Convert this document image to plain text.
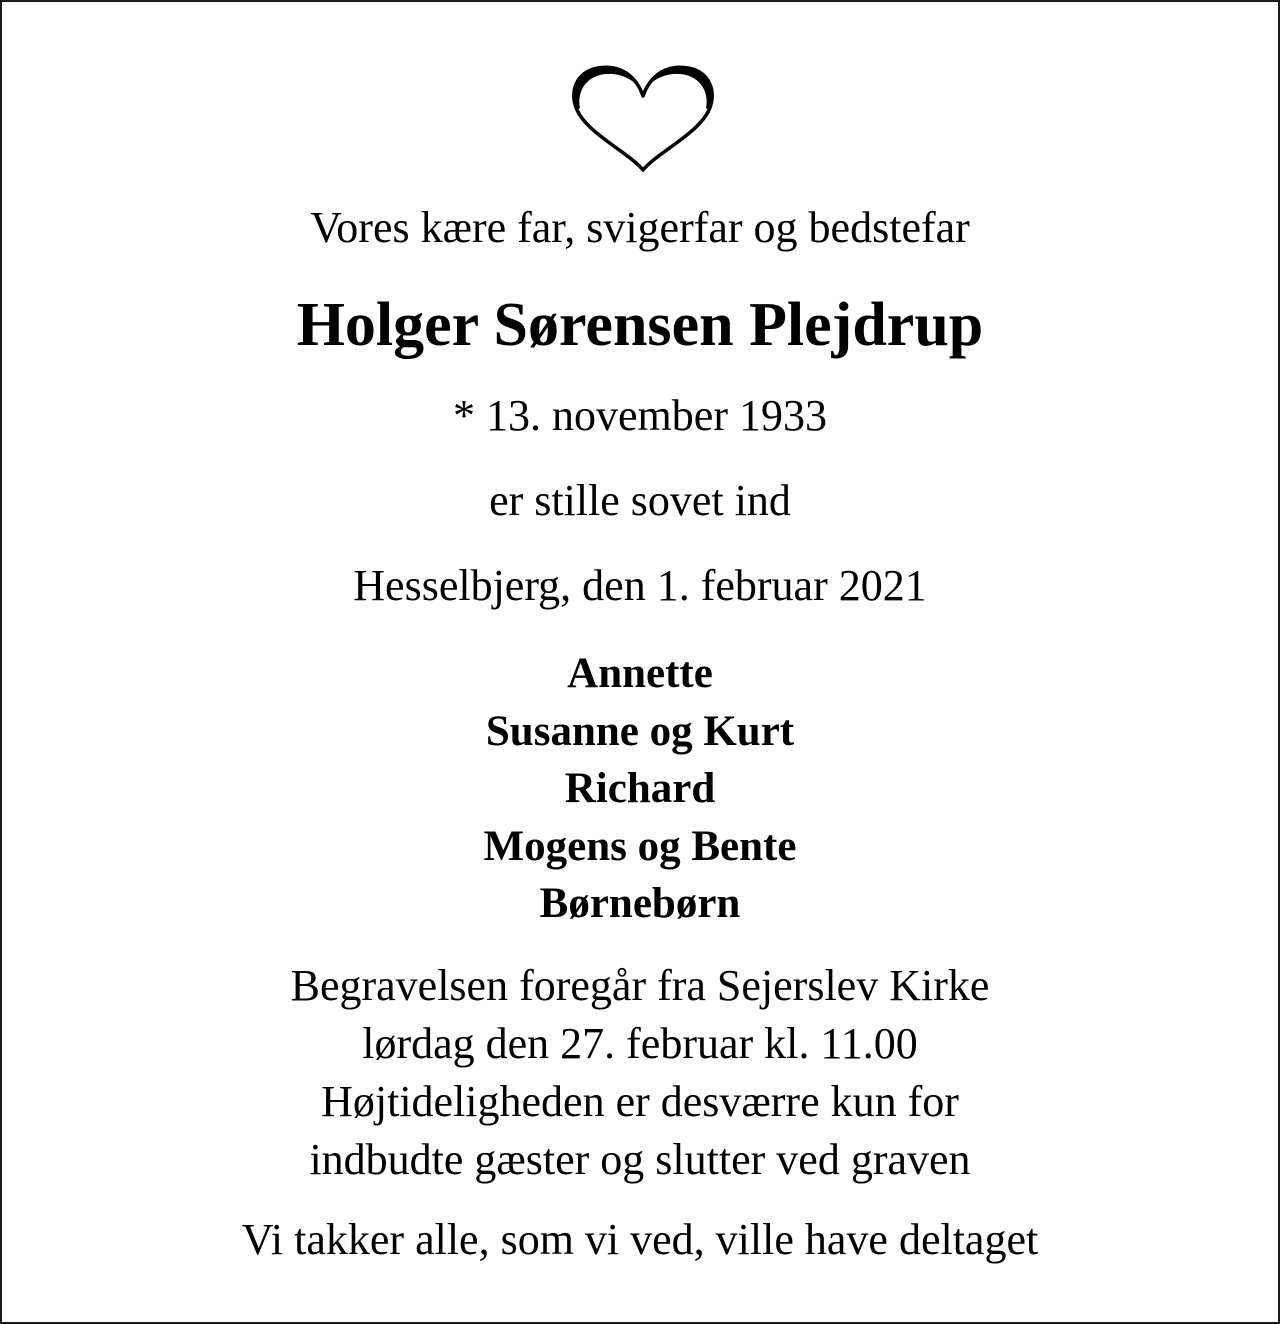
Vores kære far, svigerfar og bedstefar
Holger Sørensen Plejdrup
* 13. november 1933
er stille sovet ind
Hesselbjerg, den 1. februar 2021
Annette
Susanne og Kurt
Richard
Mogens og Bente
Børnebørn
Begravelsen foregår fra Sejerslev Kirke
lørdag den 27. februar kl. 11.00
Højtideligheden er desværre kun for
indbudte gæster og slutter ved graven
Vi takker alle, som vi ved, ville have deltaget
